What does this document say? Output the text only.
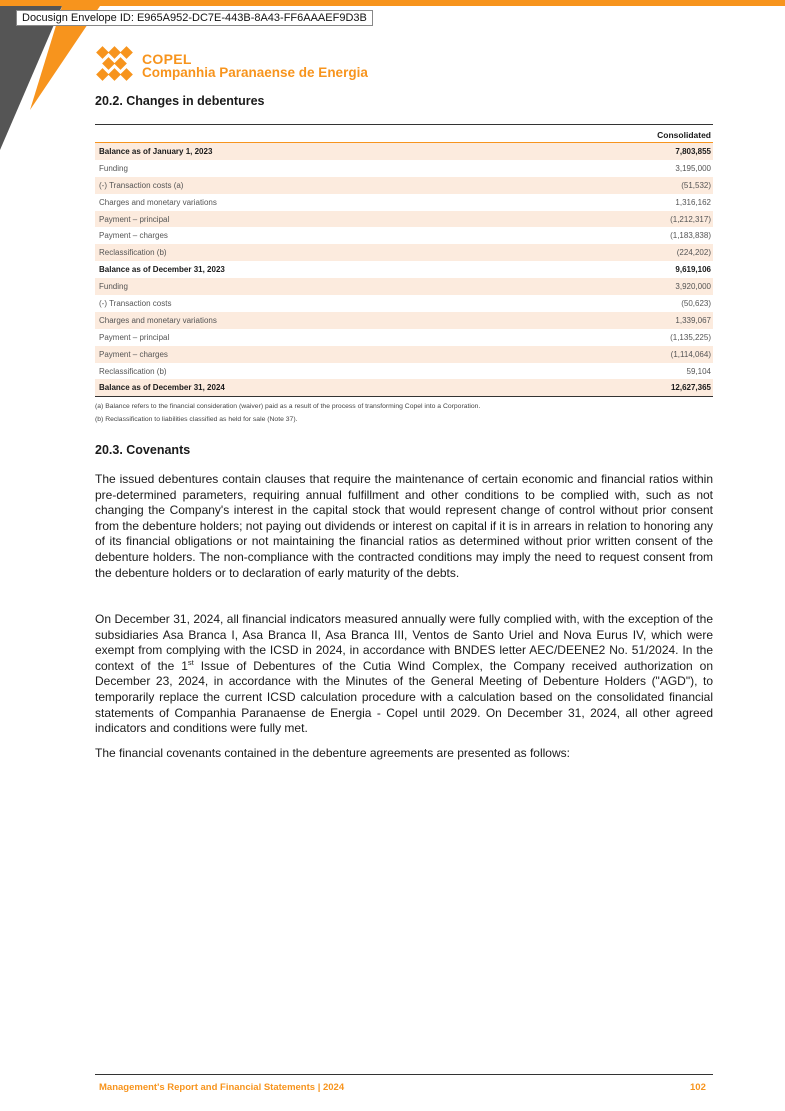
Docusign Envelope ID: E965A952-DC7E-443B-8A43-FF6AAAEF9D3B
COPEL
Companhia Paranaense de Energia
20.2. Changes in debentures
Consolidated
Balance as of January 1, 2023	7,803,855
Funding	3,195,000
(-) Transaction costs (a)	(51,532)
Charges and monetary variations	1,316,162
Payment – principal	(1,212,317)
Payment – charges	(1,183,838)
Reclassification (b)	(224,202)
Balance as of December 31, 2023	9,619,106
Funding	3,920,000
(-) Transaction costs	(50,623)
Charges and monetary variations	1,339,067
Payment – principal	(1,135,225)
Payment – charges	(1,114,064)
Reclassification (b)	59,104
Balance as of December 31, 2024	12,627,365
(a) Balance refers to the financial consideration (waiver) paid as a result of the process of transforming Copel into a Corporation.
(b) Reclassification to liabilities classified as held for sale (Note 37).
20.3. Covenants
The issued debentures contain clauses that require the maintenance of certain economic and financial ratios within pre-determined parameters, requiring annual fulfillment and other conditions to be complied with, such as not changing the Company's interest in the capital stock that would represent change of control without prior consent from the debenture holders; not paying out dividends or interest on capital if it is in arrears in relation to honoring any of its financial obligations or not maintaining the financial ratios as determined without prior written consent of the debenture holders. The non-compliance with the contracted conditions may imply the need to request consent from the debenture holders or to declaration of early maturity of the debts.
On December 31, 2024, all financial indicators measured annually were fully complied with, with the exception of the subsidiaries Asa Branca I, Asa Branca II, Asa Branca III, Ventos de Santo Uriel and Nova Eurus IV, which were exempt from complying with the ICSD in 2024, in accordance with BNDES letter AEC/DEENE2 No. 51/2024. In the context of the 1st Issue of Debentures of the Cutia Wind Complex, the Company received authorization on December 23, 2024, in accordance with the Minutes of the General Meeting of Debenture Holders ("AGD"), to temporarily replace the current ICSD calculation procedure with a calculation based on the consolidated financial statements of Companhia Paranaense de Energia - Copel until 2029. On December 31, 2024, all other agreed indicators and conditions were fully met.
The financial covenants contained in the debenture agreements are presented as follows:
Management's Report and Financial Statements | 2024	102
